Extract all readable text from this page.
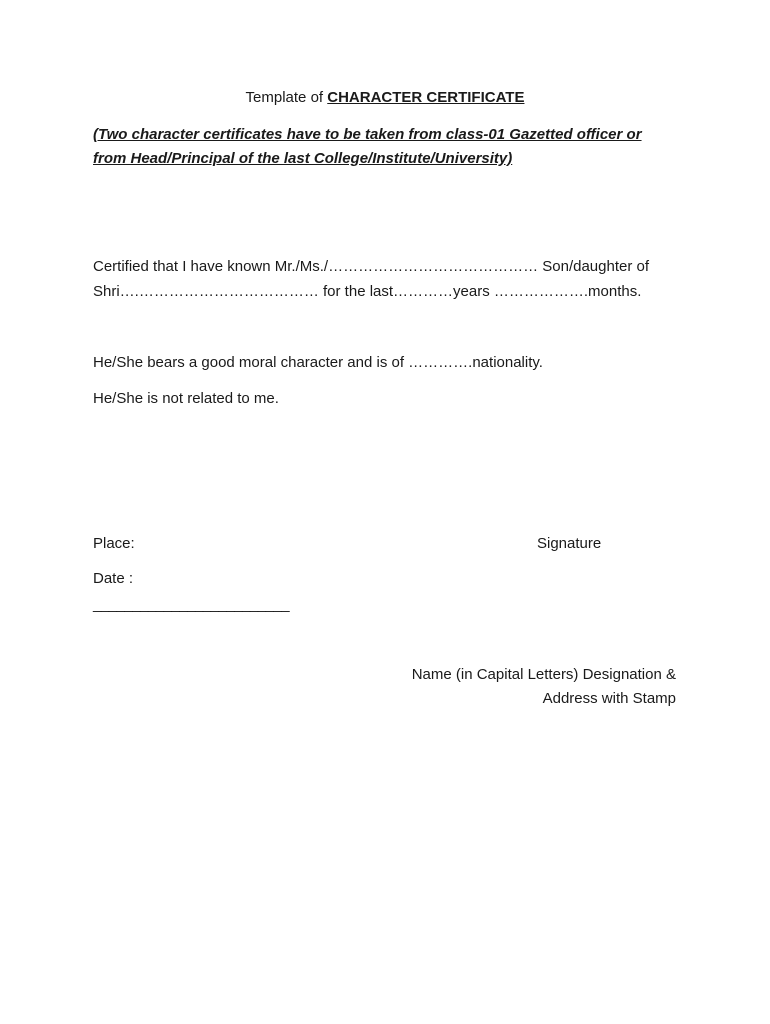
Template of CHARACTER CERTIFICATE
(Two character certificates have to be taken from class-01 Gazetted officer or
from Head/Principal of the last College/Institute/University)
Certified that I have known Mr./Ms./…………………………………… Son/daughter of
Shri….……………………………… for the last…………years ……………….months.
He/She bears a good moral character and is of ………….nationality.
He/She is not related to me.
Place:	Signature
Date :
_________________________
Name (in Capital Letters) Designation &
Address with Stamp
